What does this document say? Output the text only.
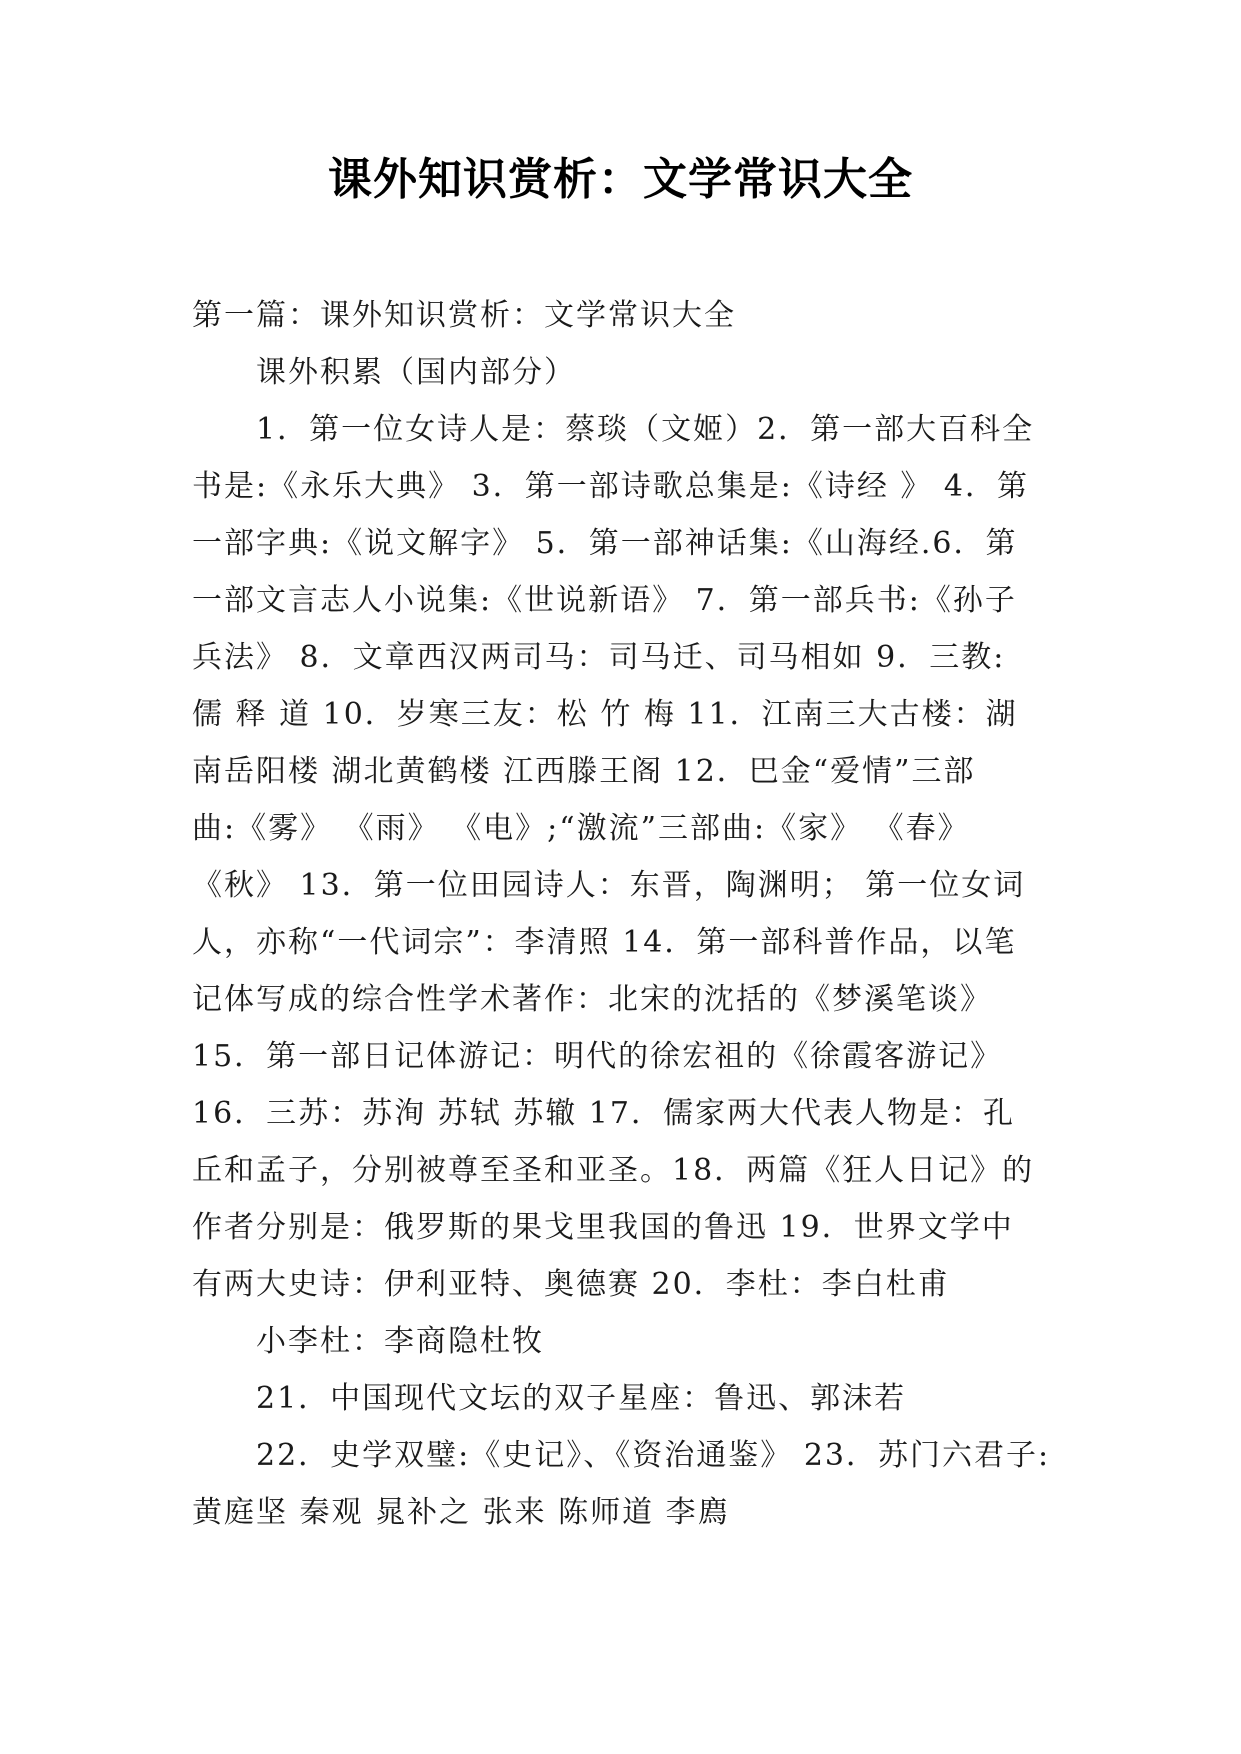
课外知识赏析：文学常识大全
第一篇：课外知识赏析：文学常识大全
课外积累（国内部分）
1．第一位女诗人是：蔡琰（文姬）2．第一部大百科全
书是:《永乐大典》 3．第一部诗歌总集是:《诗经 》 4．第
一部字典:《说文解字》 5．第一部神话集:《山海经.6．第
一部文言志人小说集:《世说新语》 7．第一部兵书:《孙子
兵法》 8．文章西汉两司马：司马迁、司马相如 9．三教:
儒 释 道 10．岁寒三友：松 竹 梅 11．江南三大古楼：湖
南岳阳楼 湖北黄鹤楼 江西滕王阁 12．巴金“爱情”三部
曲:《雾》 《雨》 《电》;“激流”三部曲:《家》 《春》
《秋》 13．第一位田园诗人：东晋，陶渊明； 第一位女词
人，亦称“一代词宗”：李清照 14．第一部科普作品，以笔
记体写成的综合性学术著作：北宋的沈括的《梦溪笔谈》
15．第一部日记体游记：明代的徐宏祖的《徐霞客游记》
16．三苏：苏洵 苏轼 苏辙 17．儒家两大代表人物是：孔
丘和孟子，分别被尊至圣和亚圣。18．两篇《狂人日记》的
作者分别是：俄罗斯的果戈里我国的鲁迅 19．世界文学中
有两大史诗：伊利亚特、奥德赛 20．李杜：李白杜甫
小李杜：李商隐杜牧
21．中国现代文坛的双子星座：鲁迅、郭沫若
22．史学双璧:《史记》、《资治通鉴》 23．苏门六君子:
黄庭坚 秦观 晁补之 张来 陈师道 李廌
